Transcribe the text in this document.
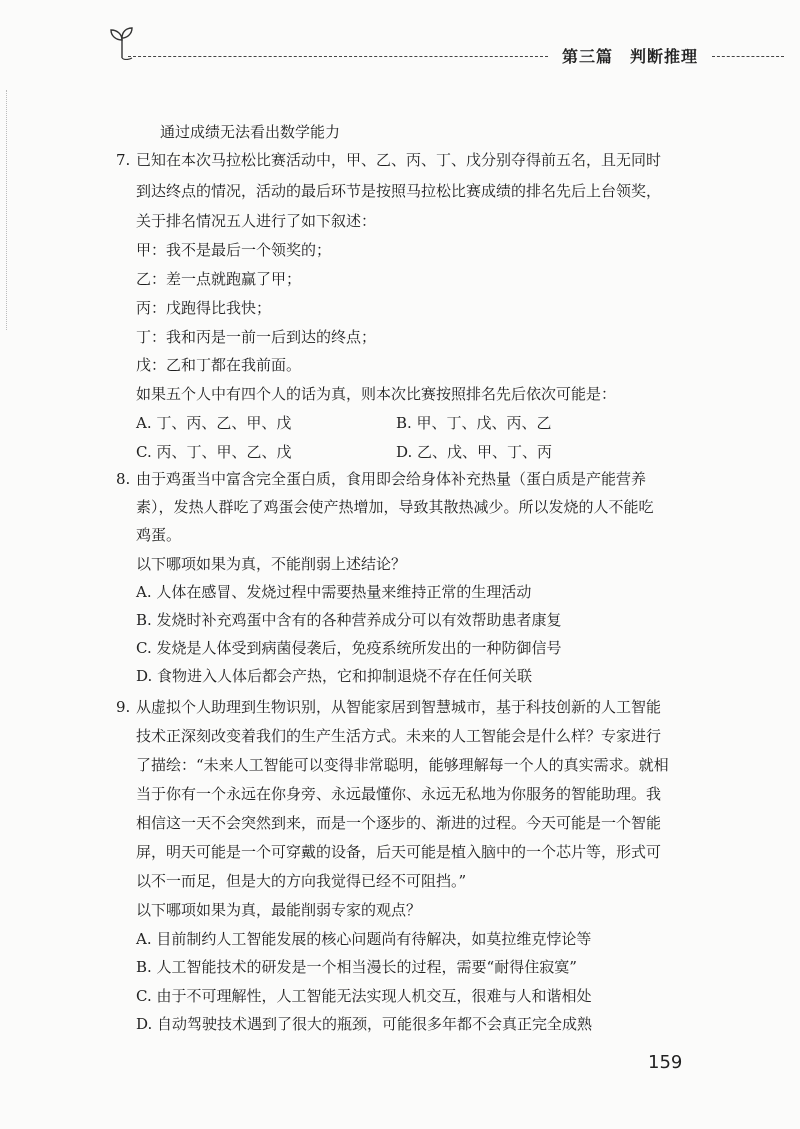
第三篇　判断推理
通过成绩无法看出数学能力
7. 已知在本次马拉松比赛活动中，甲、乙、丙、丁、戊分别夺得前五名，且无同时
到达终点的情况，活动的最后环节是按照马拉松比赛成绩的排名先后上台领奖，
关于排名情况五人进行了如下叙述：
甲：我不是最后一个领奖的；
乙：差一点就跑赢了甲；
丙：戊跑得比我快；
丁：我和丙是一前一后到达的终点；
戊：乙和丁都在我前面。
如果五个人中有四个人的话为真，则本次比赛按照排名先后依次可能是：
A. 丁、丙、乙、甲、戊	B. 甲、丁、戊、丙、乙
C. 丙、丁、甲、乙、戊	D. 乙、戊、甲、丁、丙
8. 由于鸡蛋当中富含完全蛋白质，食用即会给身体补充热量（蛋白质是产能营养
素），发热人群吃了鸡蛋会使产热增加，导致其散热减少。所以发烧的人不能吃
鸡蛋。
以下哪项如果为真，不能削弱上述结论？
A. 人体在感冒、发烧过程中需要热量来维持正常的生理活动
B. 发烧时补充鸡蛋中含有的各种营养成分可以有效帮助患者康复
C. 发烧是人体受到病菌侵袭后，免疫系统所发出的一种防御信号
D. 食物进入人体后都会产热，它和抑制退烧不存在任何关联
9. 从虚拟个人助理到生物识别，从智能家居到智慧城市，基于科技创新的人工智能
技术正深刻改变着我们的生产生活方式。未来的人工智能会是什么样？专家进行
了描绘：“未来人工智能可以变得非常聪明，能够理解每一个人的真实需求。就相
当于你有一个永远在你身旁、永远最懂你、永远无私地为你服务的智能助理。我
相信这一天不会突然到来，而是一个逐步的、渐进的过程。今天可能是一个智能
屏，明天可能是一个可穿戴的设备，后天可能是植入脑中的一个芯片等，形式可
以不一而足，但是大的方向我觉得已经不可阻挡。”
以下哪项如果为真，最能削弱专家的观点？
A. 目前制约人工智能发展的核心问题尚有待解决，如莫拉维克悖论等
B. 人工智能技术的研发是一个相当漫长的过程，需要“耐得住寂寞”
C. 由于不可理解性，人工智能无法实现人机交互，很难与人和谐相处
D. 自动驾驶技术遇到了很大的瓶颈，可能很多年都不会真正完全成熟
159
